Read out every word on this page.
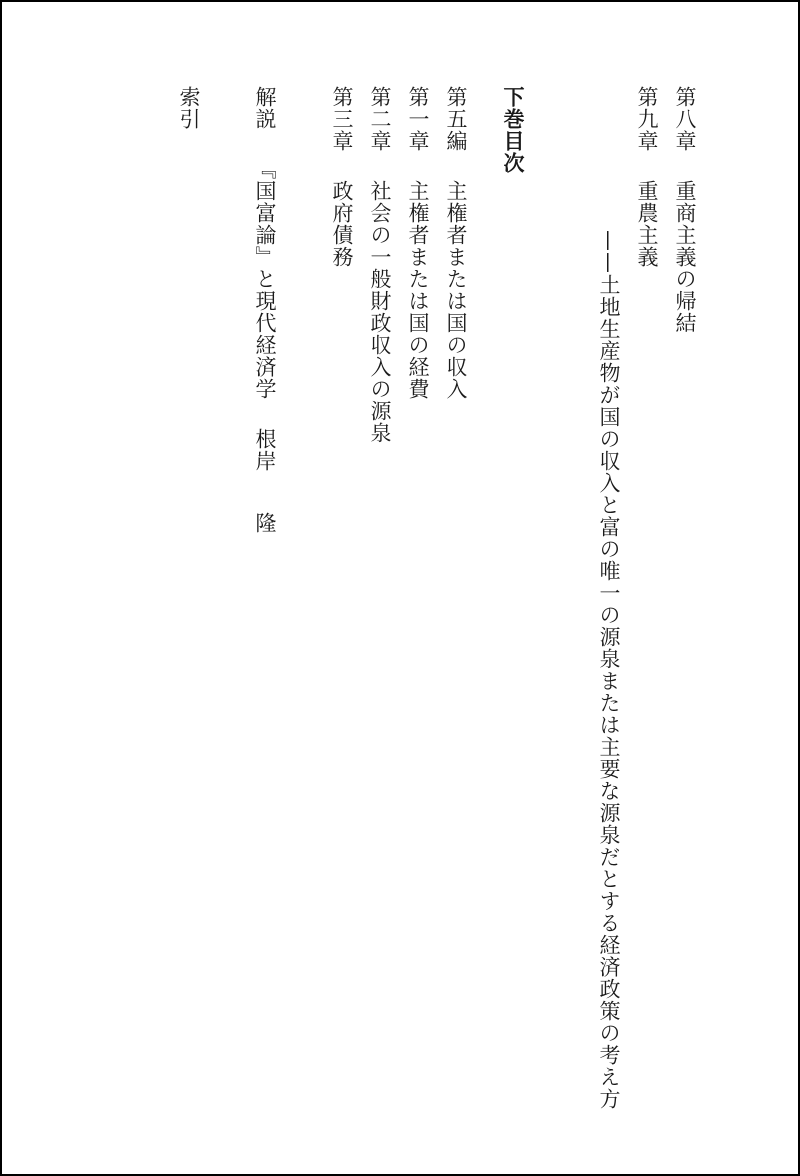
第八章重商主義の帰結
第九章重農主義
——土地生産物が国の収入と富の唯一の源泉または主要な源泉だとする経済政策の考え方
下巻目次
第五編主権者または国の収入
第一章主権者または国の経費
第二章社会の一般財政収入の源泉
第三章政府債務
解説『国富論』と現代経済学根岸隆
索引
